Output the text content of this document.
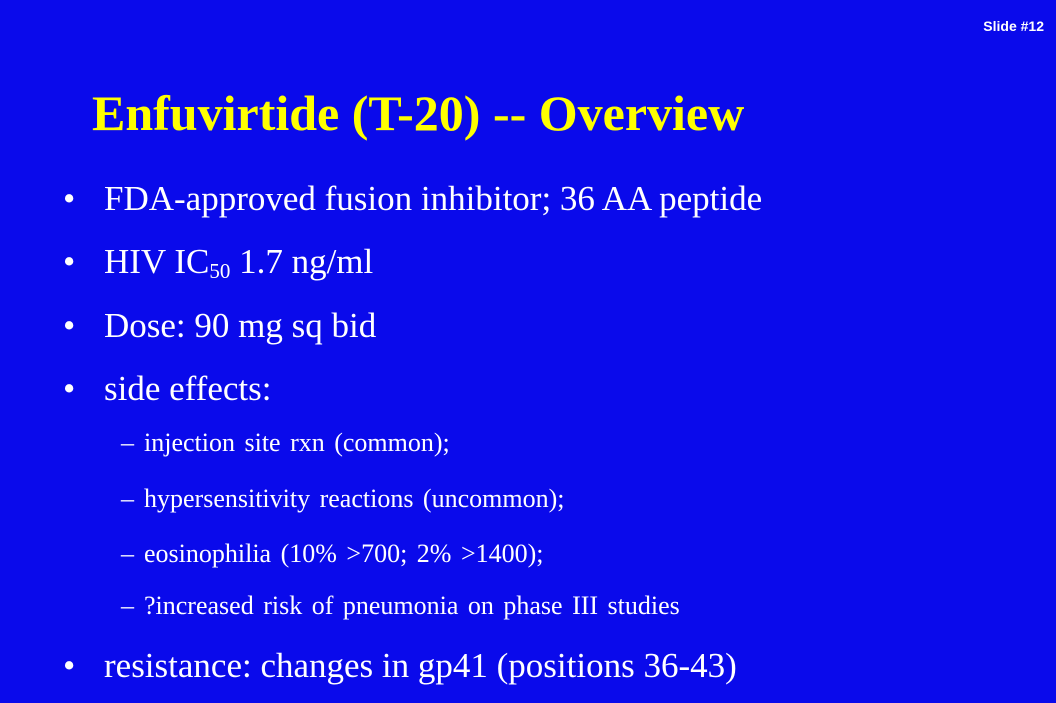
Slide #12
Enfuvirtide (T-20) -- Overview
• FDA-approved fusion inhibitor; 36 AA peptide
• HIV $IC_{50}$ 1.7 ng/ml
• Dose: 90 mg sq bid
• side effects:
– injection site rxn (common);
– hypersensitivity reactions (uncommon);
– eosinophilia (10% >700; 2% >1400);
– ?increased risk of pneumonia on phase III studies
• resistance: changes in gp41 (positions 36-43)
